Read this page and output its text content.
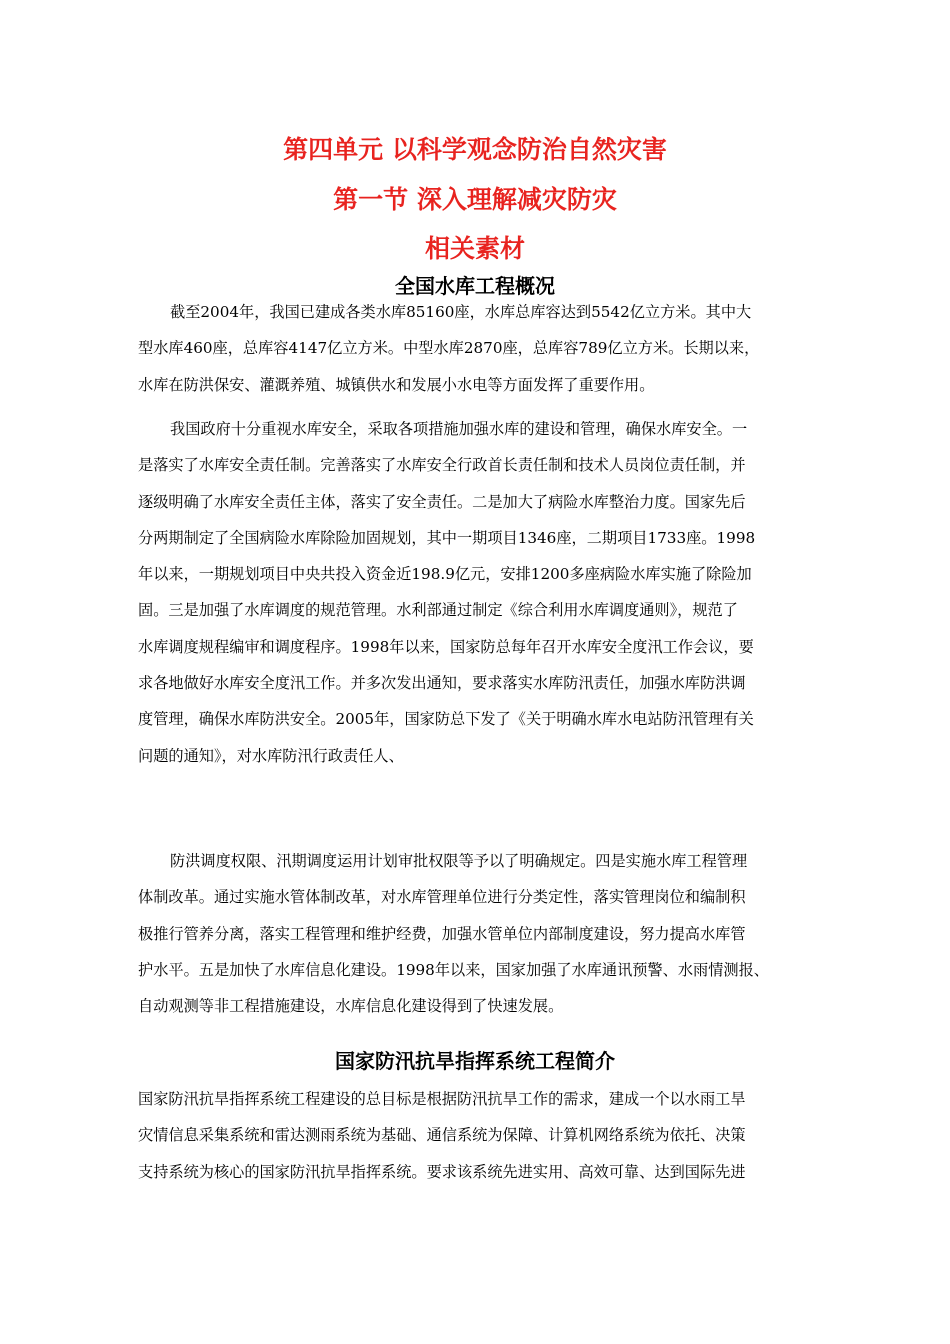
第四单元 以科学观念防治自然灾害
第一节 深入理解减灾防灾
相关素材
全国水库工程概况
截至2004年，我国已建成各类水库85160座，水库总库容达到5542亿立方米。其中大
型水库460座，总库容4147亿立方米。中型水库2870座，总库容789亿立方米。长期以来，
水库在防洪保安、灌溉养殖、城镇供水和发展小水电等方面发挥了重要作用。
我国政府十分重视水库安全，采取各项措施加强水库的建设和管理，确保水库安全。一
是落实了水库安全责任制。完善落实了水库安全行政首长责任制和技术人员岗位责任制，并
逐级明确了水库安全责任主体，落实了安全责任。二是加大了病险水库整治力度。国家先后
分两期制定了全国病险水库除险加固规划，其中一期项目1346座，二期项目1733座。1998
年以来，一期规划项目中央共投入资金近198.9亿元，安排1200多座病险水库实施了除险加
固。三是加强了水库调度的规范管理。水利部通过制定《综合利用水库调度通则》，规范了
水库调度规程编审和调度程序。1998年以来，国家防总每年召开水库安全度汛工作会议，要
求各地做好水库安全度汛工作。并多次发出通知，要求落实水库防汛责任，加强水库防洪调
度管理，确保水库防洪安全。2005年，国家防总下发了《关于明确水库水电站防汛管理有关
问题的通知》，对水库防汛行政责任人、
防洪调度权限、汛期调度运用计划审批权限等予以了明确规定。四是实施水库工程管理
体制改革。通过实施水管体制改革，对水库管理单位进行分类定性，落实管理岗位和编制积
极推行管养分离，落实工程管理和维护经费，加强水管单位内部制度建设，努力提高水库管
护水平。五是加快了水库信息化建设。1998年以来，国家加强了水库通讯预警、水雨情测报、
自动观测等非工程措施建设，水库信息化建设得到了快速发展。
国家防汛抗旱指挥系统工程简介
国家防汛抗旱指挥系统工程建设的总目标是根据防汛抗旱工作的需求，建成一个以水雨工旱
灾情信息采集系统和雷达测雨系统为基础、通信系统为保障、计算机网络系统为依托、决策
支持系统为核心的国家防汛抗旱指挥系统。要求该系统先进实用、高效可靠、达到国际先进
